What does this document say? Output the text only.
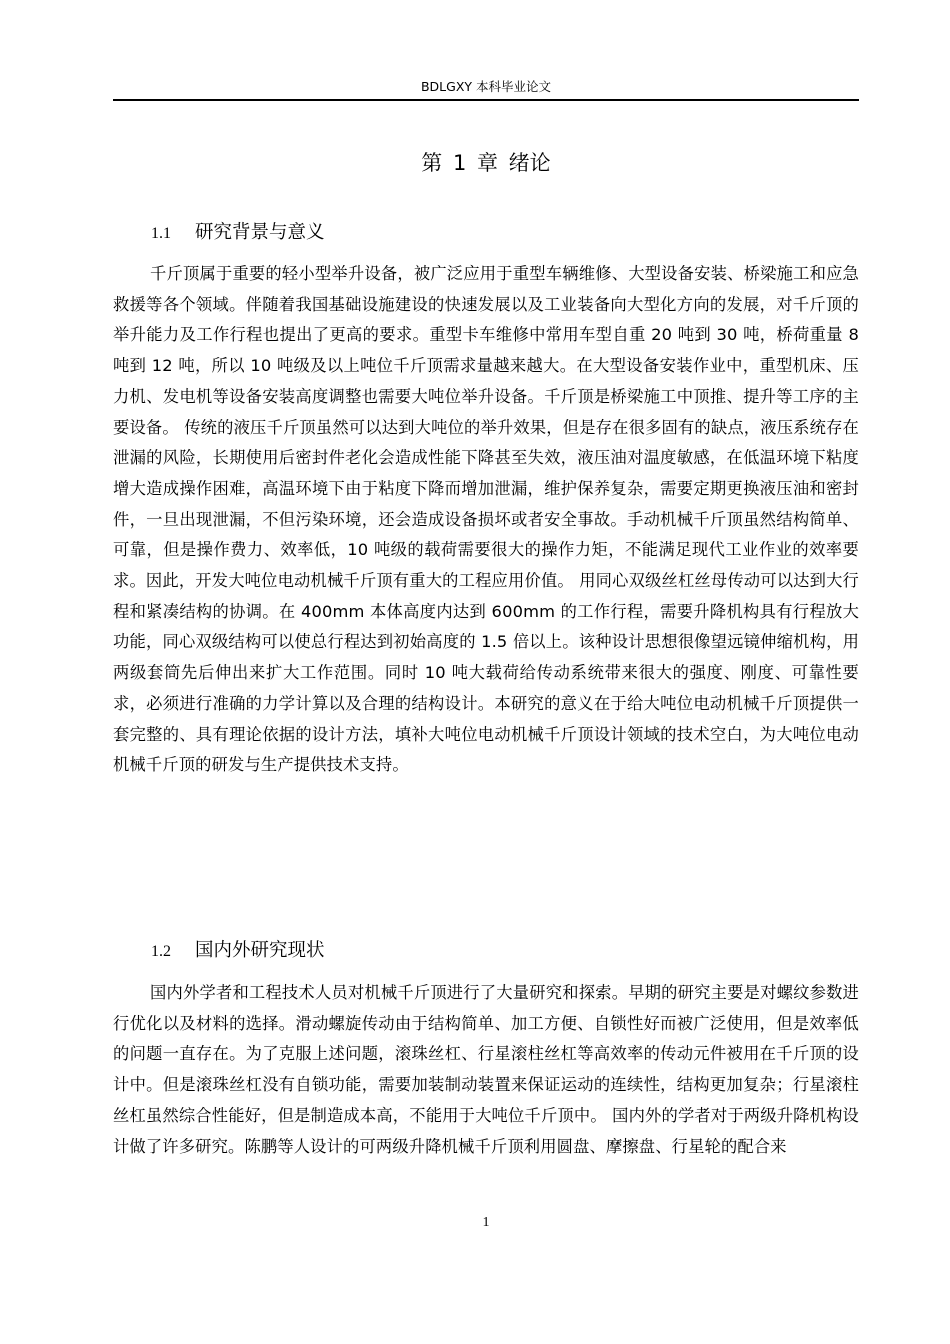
BDLGXY 本科毕业论文
第 1 章 绪论
1.1 研究背景与意义

千斤顶属于重要的轻小型举升设备，被广泛应用于重型车辆维修、大型设备安装、桥梁施工和应急救援等各个领域。伴随着我国基础设施建设的快速发展以及工业装备向大型化方向的发展，对千斤顶的举升能力及工作行程也提出了更高的要求。重型卡车维修中常用车型自重 20 吨到 30 吨，桥荷重量 8 吨到 12 吨，所以 10 吨级及以上吨位千斤顶需求量越来越大。在大型设备安装作业中，重型机床、压力机、发电机等设备安装高度调整也需要大吨位举升设备。千斤顶是桥梁施工中顶推、提升等工序的主要设备。 传统的液压千斤顶虽然可以达到大吨位的举升效果，但是存在很多固有的缺点，液压系统存在泄漏的风险，长期使用后密封件老化会造成性能下降甚至失效，液压油对温度敏感，在低温环境下粘度增大造成操作困难，高温环境下由于粘度下降而增加泄漏，维护保养复杂，需要定期更换液压油和密封件，一旦出现泄漏，不但污染环境，还会造成设备损坏或者安全事故。手动机械千斤顶虽然结构简单、可靠，但是操作费力、效率低，10 吨级的载荷需要很大的操作力矩，不能满足现代工业作业的效率要求。因此，开发大吨位电动机械千斤顶有重大的工程应用价值。 用同心双级丝杠丝母传动可以达到大行程和紧凑结构的协调。在 400mm 本体高度内达到 600mm 的工作行程，需要升降机构具有行程放大功能，同心双级结构可以使总行程达到初始高度的 1.5 倍以上。该种设计思想很像望远镜伸缩机构，用两级套筒先后伸出来扩大工作范围。同时 10 吨大载荷给传动系统带来很大的强度、刚度、可靠性要求，必须进行准确的力学计算以及合理的结构设计。本研究的意义在于给大吨位电动机械千斤顶提供一套完整的、具有理论依据的设计方法，填补大吨位电动机械千斤顶设计领域的技术空白，为大吨位电动机械千斤顶的研发与生产提供技术支持。

1.2 国内外研究现状

国内外学者和工程技术人员对机械千斤顶进行了大量研究和探索。早期的研究主要是对螺纹参数进行优化以及材料的选择。滑动螺旋传动由于结构简单、加工方便、自锁性好而被广泛使用，但是效率低的问题一直存在。为了克服上述问题，滚珠丝杠、行星滚柱丝杠等高效率的传动元件被用在千斤顶的设计中。但是滚珠丝杠没有自锁功能，需要加装制动装置来保证运动的连续性，结构更加复杂；行星滚柱丝杠虽然综合性能好，但是制造成本高，不能用于大吨位千斤顶中。 国内外的学者对于两级升降机构设计做了许多研究。陈鹏等人设计的可两级升降机械千斤顶利用圆盘、摩擦盘、行星轮的配合来

1
